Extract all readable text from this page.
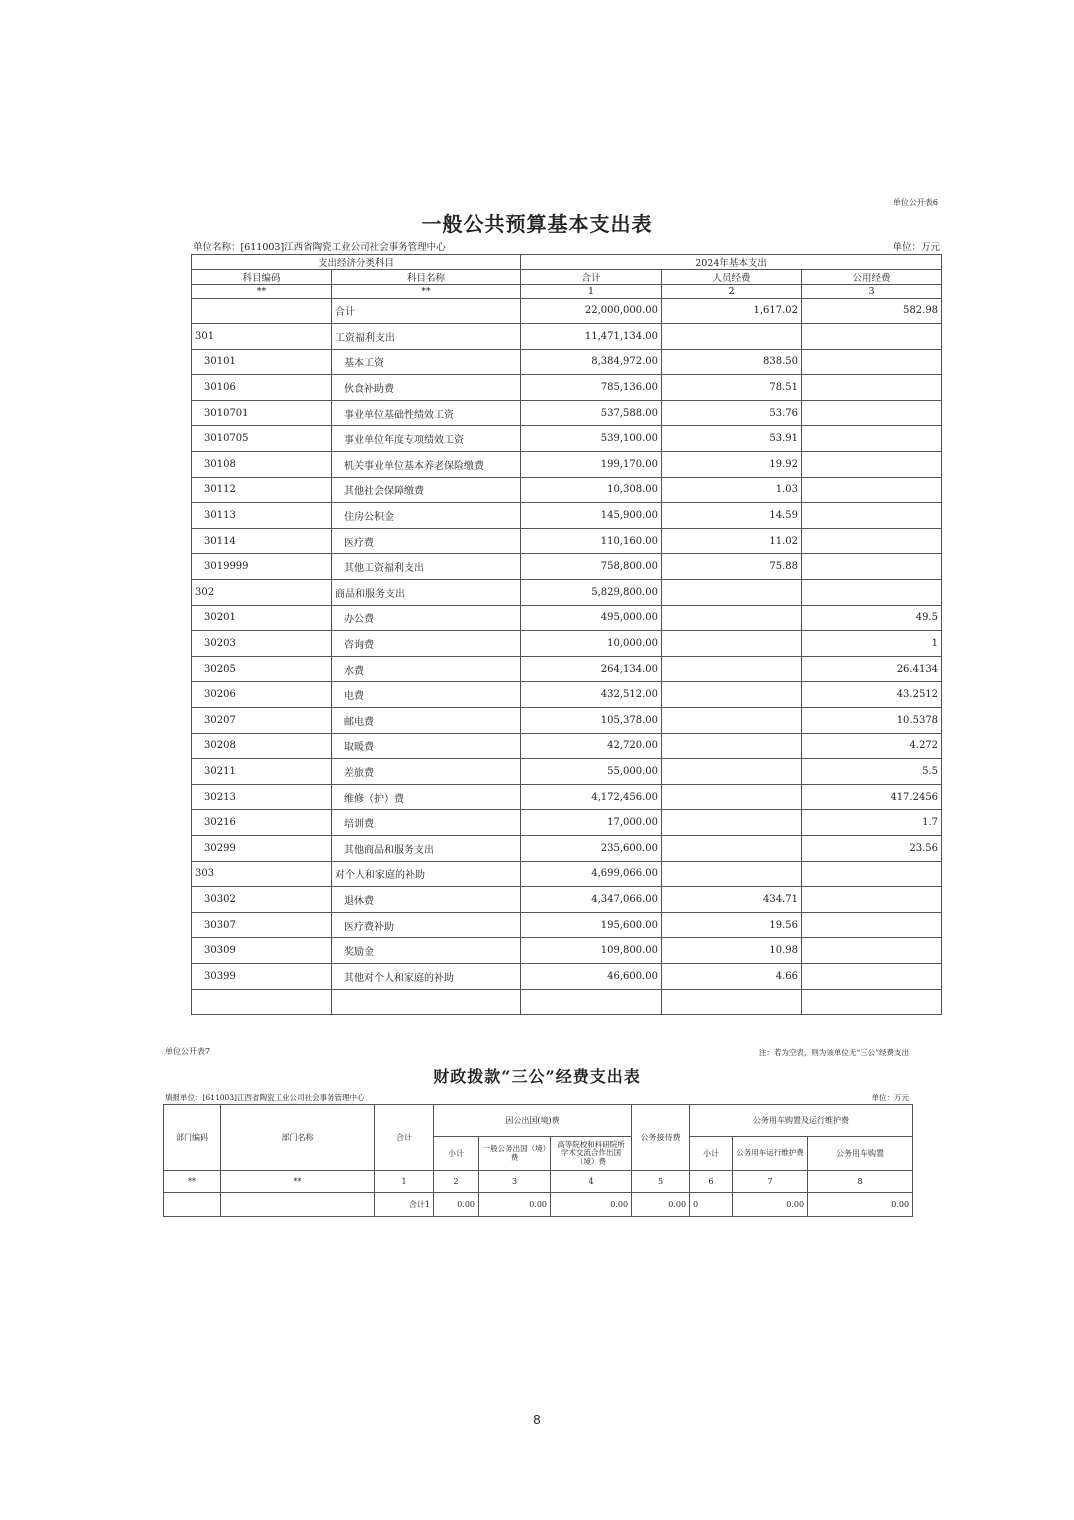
单位公开表6
一般公共预算基本支出表
单位名称：[611003]江西省陶瓷工业公司社会事务管理中心	单位：万元
支出经济分类科目		2024年基本支出		
科目编码	科目名称	合计	人员经费	公用经费
**	**	1	2	3
	合计	22,000,000.00	1,617.02	582.98
301	工资福利支出	11,471,134.00		
30101	基本工资	8,384,972.00	838.50	
30106	伙食补助费	785,136.00	78.51	
3010701	事业单位基础性绩效工资	537,588.00	53.76	
3010705	事业单位年度专项绩效工资	539,100.00	53.91	
30108	机关事业单位基本养老保险缴费	199,170.00	19.92	
30112	其他社会保障缴费	10,308.00	1.03	
30113	住房公积金	145,900.00	14.59	
30114	医疗费	110,160.00	11.02	
3019999	其他工资福利支出	758,800.00	75.88	
302	商品和服务支出	5,829,800.00		
30201	办公费	495,000.00		49.5
30203	咨询费	10,000.00		1
30205	水费	264,134.00		26.4134
30206	电费	432,512.00		43.2512
30207	邮电费	105,378.00		10.5378
30208	取暖费	42,720.00		4.272
30211	差旅费	55,000.00		5.5
30213	维修（护）费	4,172,456.00		417.2456
30216	培训费	17,000.00		1.7
30299	其他商品和服务支出	235,600.00		23.56
303	对个人和家庭的补助	4,699,066.00		
30302	退休费	4,347,066.00	434.71	
30307	医疗费补助	195,600.00	19.56	
30309	奖励金	109,800.00	10.98	
30399	其他对个人和家庭的补助	46,600.00	4.66	

单位公开表7	注：若为空表，则为该单位无“三公”经费支出
财政拨款“三公”经费支出表
填报单位：[611003]江西省陶瓷工业公司社会事务管理中心	单位：万元
部门编码	部门名称	合计	因公出国(境)费			公务接待费	公务用车购置及运行维护费		
			小计	一般公务出国（境）费	高等院校和科研院所学术交流合作出国（境）费		小计	公务用车运行维护费	公务用车购置
**	**	1	2	3	4	5	6	7	8
		合计1	0.00	0.00	0.00	0.00	0	0.00	0.00
8
